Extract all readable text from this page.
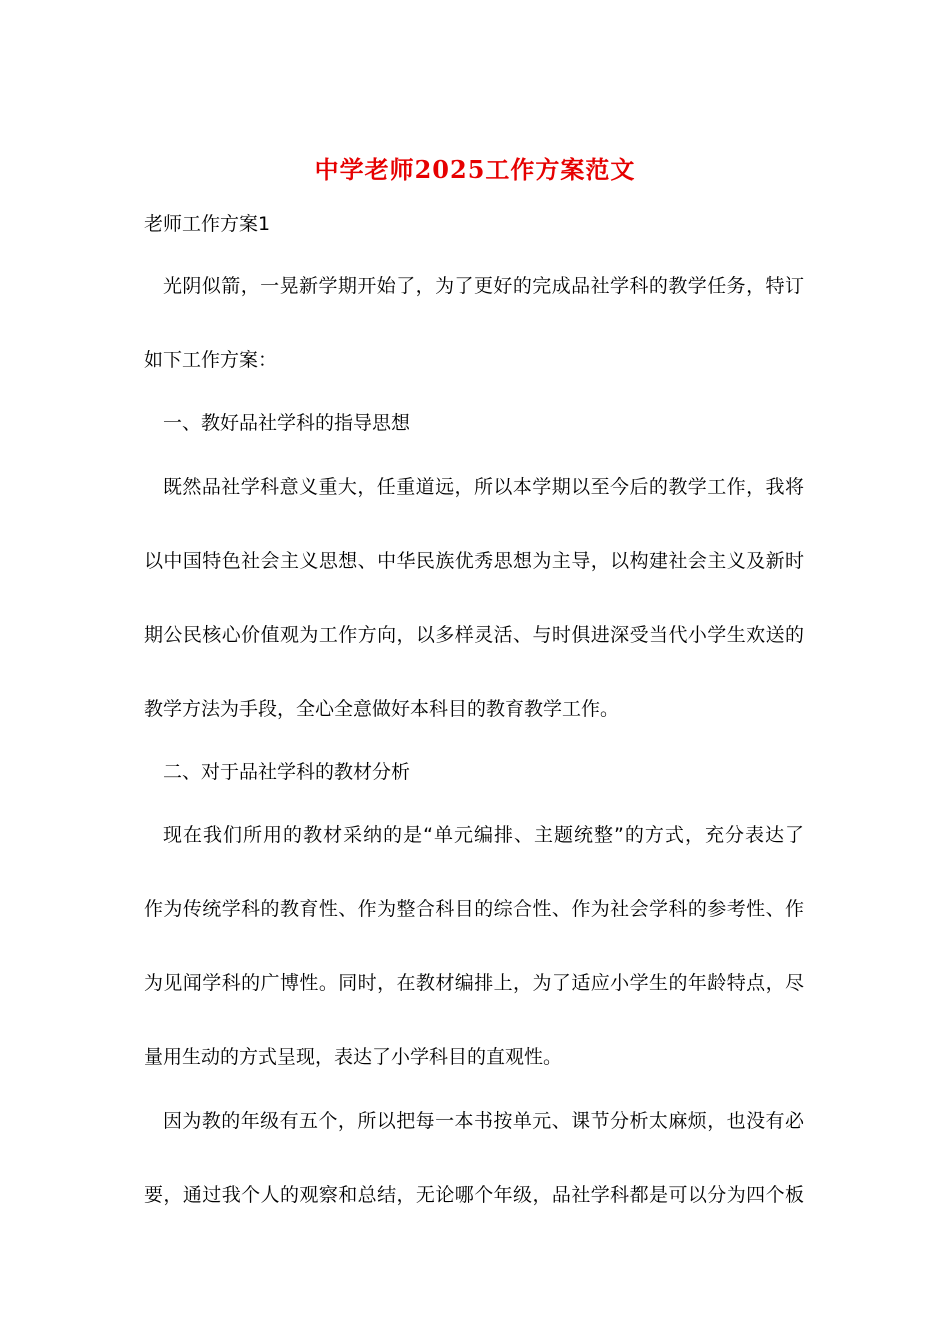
中学老师2025工作方案范文
老师工作方案1
光阴似箭，一晃新学期开始了，为了更好的完成品社学科的教学任务，特订
如下工作方案：
一、教好品社学科的指导思想
既然品社学科意义重大，任重道远，所以本学期以至今后的教学工作，我将
以中国特色社会主义思想、中华民族优秀思想为主导，以构建社会主义及新时
期公民核心价值观为工作方向，以多样灵活、与时俱进深受当代小学生欢送的
教学方法为手段，全心全意做好本科目的教育教学工作。
二、对于品社学科的教材分析
现在我们所用的教材采纳的是“单元编排、主题统整”的方式，充分表达了
作为传统学科的教育性、作为整合科目的综合性、作为社会学科的参考性、作
为见闻学科的广博性。同时，在教材编排上，为了适应小学生的年龄特点，尽
量用生动的方式呈现，表达了小学科目的直观性。
因为教的年级有五个，所以把每一本书按单元、课节分析太麻烦，也没有必
要，通过我个人的观察和总结，无论哪个年级，品社学科都是可以分为四个板
